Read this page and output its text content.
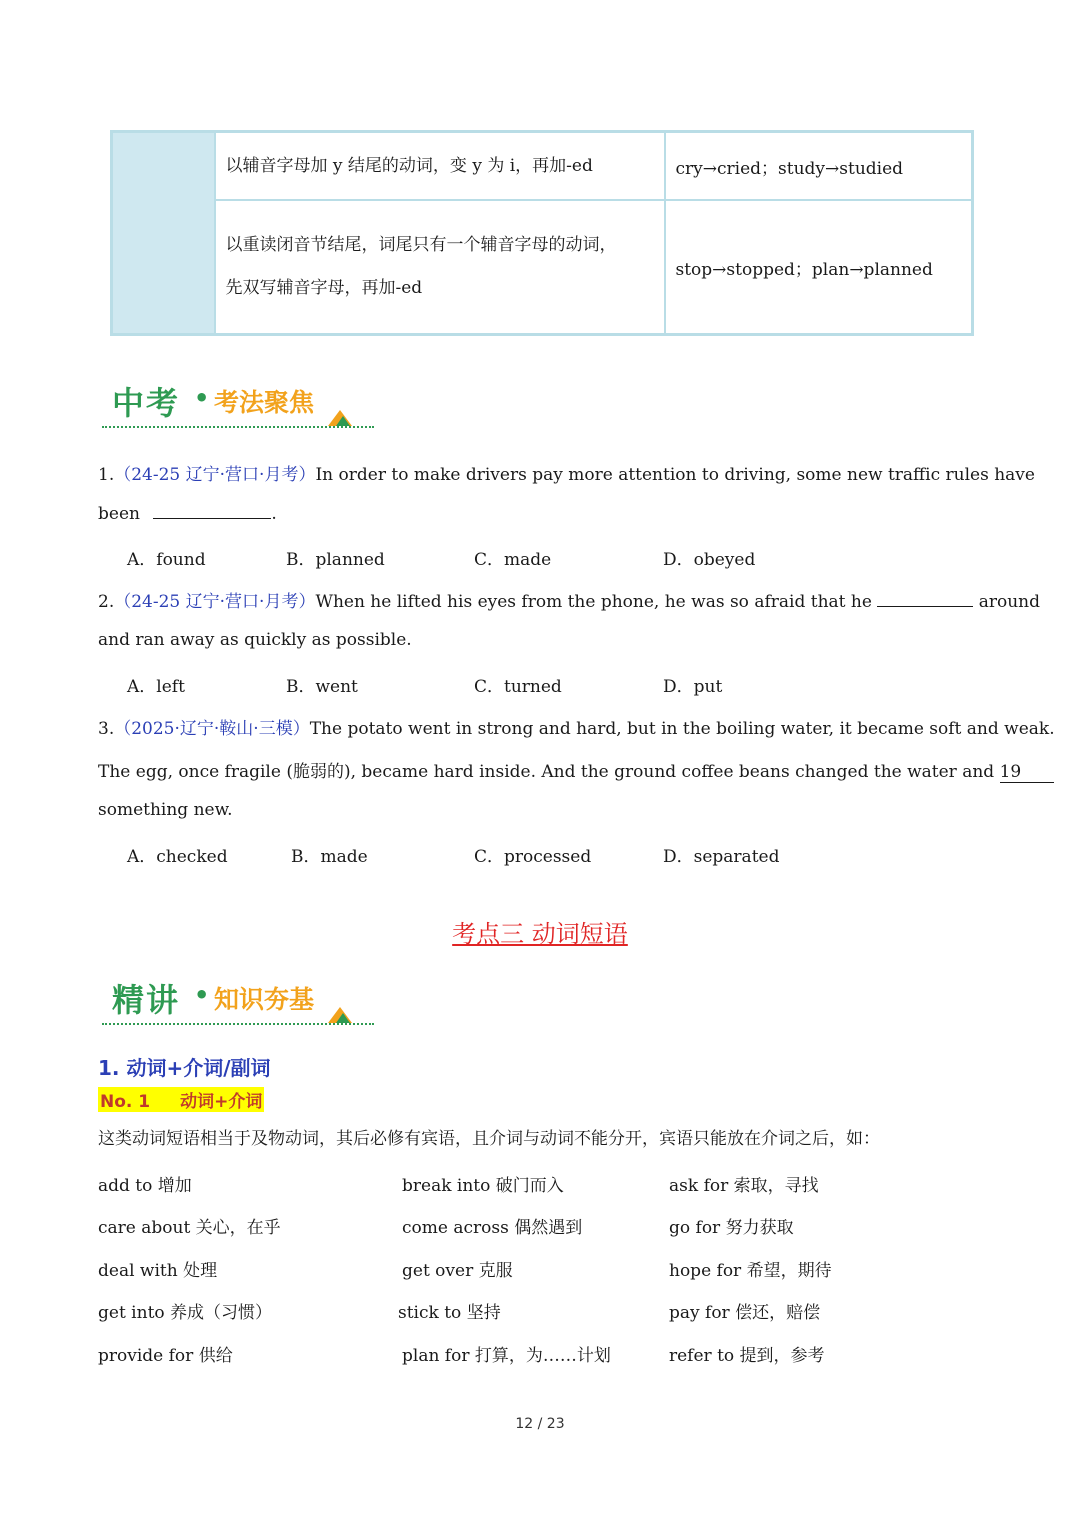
	以辅音字母加 y 结尾的动词，变 y 为 i，再加-ed	cry→cried；study→studied

	以重读闭音节结尾，词尾只有一个辅音字母的动词，
先双写辅音字母，再加-ed	stop→stopped；plan→planned
中考 • 考法聚焦
1.（24-25 辽宁·营口·月考）In order to make drivers pay more attention to driving, some new traffic rules have
been	.
A．found	B．planned	C．made	D．obeyed
2.（24-25 辽宁·营口·月考）When he lifted his eyes from the phone, he was so afraid that he	around
and ran away as quickly as possible.
A．left	B．went	C．turned	D．put
3.（2025·辽宁·鞍山·三模）The potato went in strong and hard, but in the boiling water, it became soft and weak.
The egg, once fragile (脆弱的), became hard inside. And the ground coffee beans changed the water and 19
something new.
A．checked	B．made	C．processed	D．separated
考点三 动词短语
精讲 • 知识夯基
1. 动词+介词/副词
No. 1 动词+介词
这类动词短语相当于及物动词，其后必修有宾语，且介词与动词不能分开，宾语只能放在介词之后，如：
add to 增加	break into 破门而入	ask for 索取，寻找
care about 关心，在乎	come across 偶然遇到	go for 努力获取
deal with 处理	get over 克服	hope for 希望，期待
get into 养成（习惯）	stick to 坚持	pay for 偿还，赔偿
provide for 供给	plan for 打算，为……计划	refer to 提到，参考
12 / 23
